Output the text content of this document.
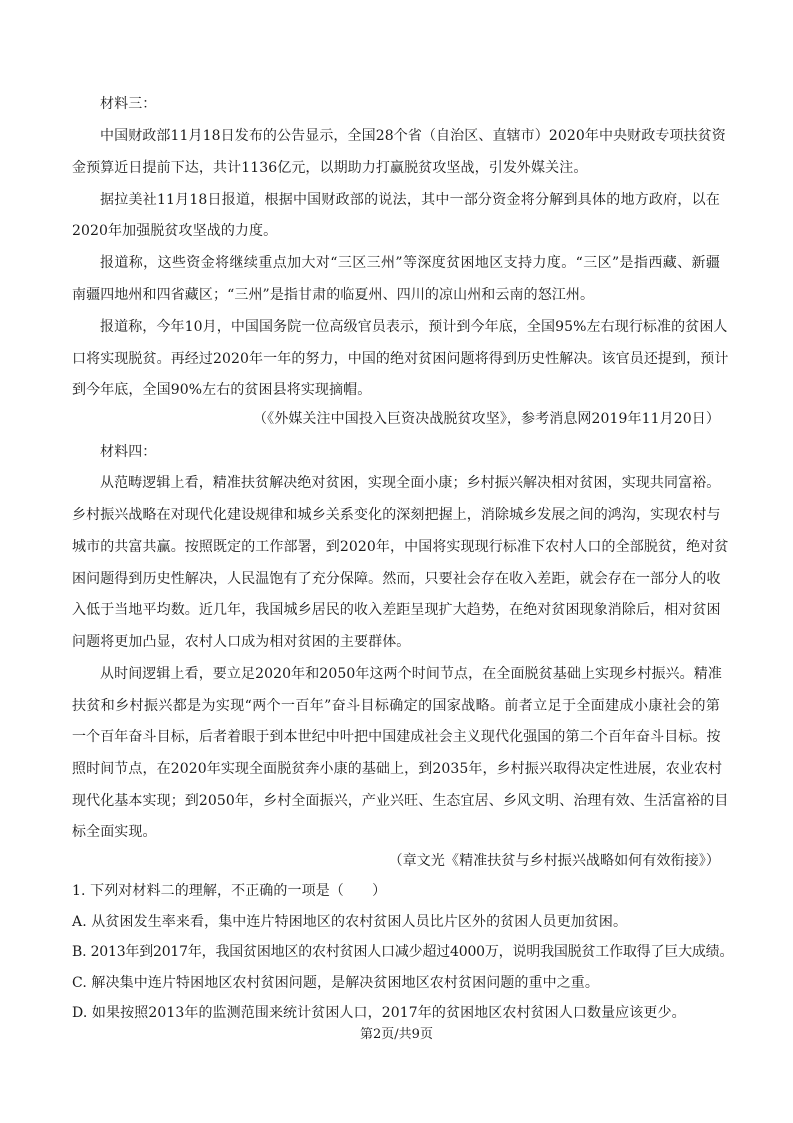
材料三：
中国财政部11月18日发布的公告显示，全国28个省（自治区、直辖市）2020年中央财政专项扶贫资
金预算近日提前下达，共计1136亿元，以期助力打赢脱贫攻坚战，引发外媒关注。
据拉美社11月18日报道，根据中国财政部的说法，其中一部分资金将分解到具体的地方政府，以在
2020年加强脱贫攻坚战的力度。
报道称，这些资金将继续重点加大对“三区三州”等深度贫困地区支持力度。“三区”是指西藏、新疆
南疆四地州和四省藏区；“三州”是指甘肃的临夏州、四川的凉山州和云南的怒江州。
报道称，今年10月，中国国务院一位高级官员表示，预计到今年底，全国95%左右现行标准的贫困人
口将实现脱贫。再经过2020年一年的努力，中国的绝对贫困问题将得到历史性解决。该官员还提到，预计
到今年底，全国90%左右的贫困县将实现摘帽。
（《外媒关注中国投入巨资决战脱贫攻坚》，参考消息网2019年11月20日）
材料四：
从范畴逻辑上看，精准扶贫解决绝对贫困，实现全面小康；乡村振兴解决相对贫困，实现共同富裕。
乡村振兴战略在对现代化建设规律和城乡关系变化的深刻把握上，消除城乡发展之间的鸿沟，实现农村与
城市的共富共赢。按照既定的工作部署，到2020年，中国将实现现行标准下农村人口的全部脱贫，绝对贫
困问题得到历史性解决，人民温饱有了充分保障。然而，只要社会存在收入差距，就会存在一部分人的收
入低于当地平均数。近几年，我国城乡居民的收入差距呈现扩大趋势，在绝对贫困现象消除后，相对贫困
问题将更加凸显，农村人口成为相对贫困的主要群体。
从时间逻辑上看，要立足2020年和2050年这两个时间节点，在全面脱贫基础上实现乡村振兴。精准
扶贫和乡村振兴都是为实现“两个一百年”奋斗目标确定的国家战略。前者立足于全面建成小康社会的第
一个百年奋斗目标，后者着眼于到本世纪中叶把中国建成社会主义现代化强国的第二个百年奋斗目标。按
照时间节点，在2020年实现全面脱贫奔小康的基础上，到2035年，乡村振兴取得决定性进展，农业农村
现代化基本实现；到2050年，乡村全面振兴，产业兴旺、生态宜居、乡风文明、治理有效、生活富裕的目
标全面实现。
（章文光《精准扶贫与乡村振兴战略如何有效衔接》）
1. 下列对材料二的理解，不正确的一项是（　　）
A. 从贫困发生率来看，集中连片特困地区的农村贫困人员比片区外的贫困人员更加贫困。
B. 2013年到2017年，我国贫困地区的农村贫困人口减少超过4000万，说明我国脱贫工作取得了巨大成绩。
C. 解决集中连片特困地区农村贫困问题，是解决贫困地区农村贫困问题的重中之重。
D. 如果按照2013年的监测范围来统计贫困人口，2017年的贫困地区农村贫困人口数量应该更少。
第2页/共9页
